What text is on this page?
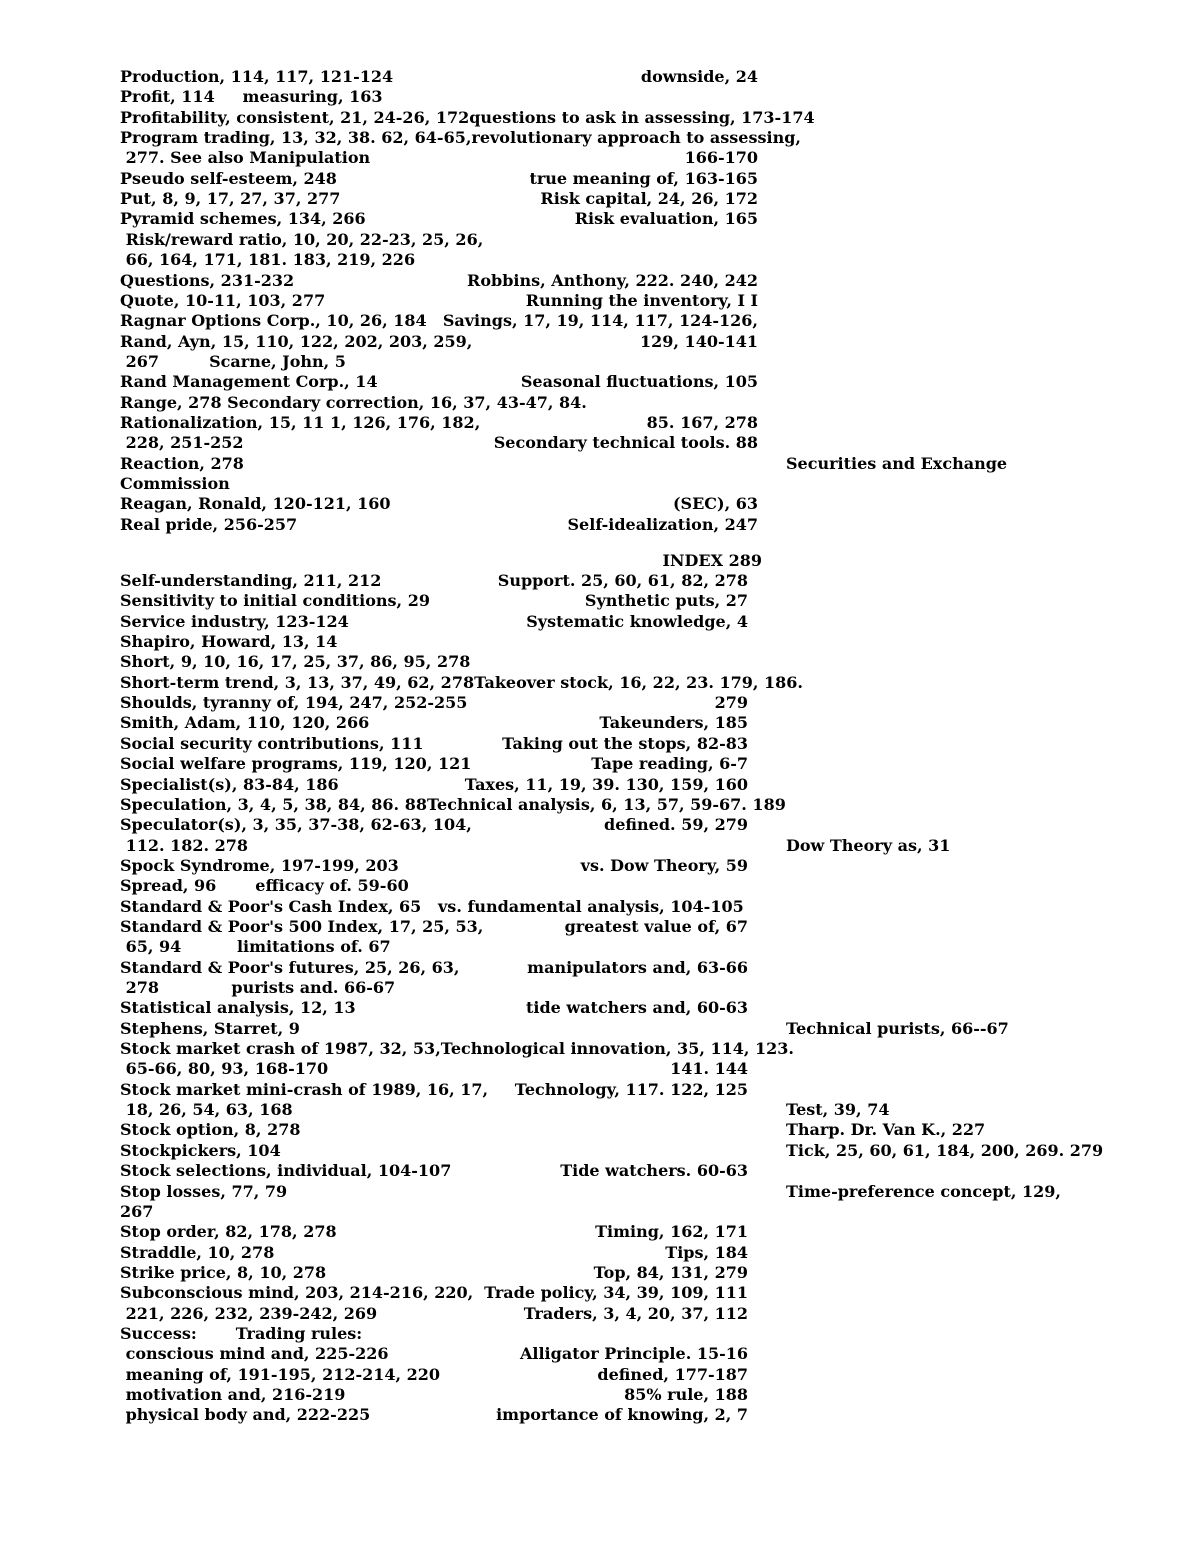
INDEX 289
Production, 114, 117, 121-124	downside, 24
Profit, 114     measuring, 163
Profitability, consistent, 21, 24-26, 172questions to ask in assessing, 173-174
Program trading, 13, 32, 38. 62, 64-65,revolutionary approach to assessing,
277. See also Manipulation	166-170
Pseudo self-esteem, 248	true meaning of, 163-165
Put, 8, 9, 17, 27, 37, 277	Risk capital, 24, 26, 172
Pyramid schemes, 134, 266	Risk evaluation, 165
Risk/reward ratio, 10, 20, 22-23, 25, 26,
66, 164, 171, 181. 183, 219, 226
Questions, 231-232	Robbins, Anthony, 222. 240, 242
Quote, 10-11, 103, 277	Running the inventory, I I
Ragnar Options Corp., 10, 26, 184 Savings, 17, 19, 114, 117, 124-126,
Rand, Ayn, 15, 110, 122, 202, 203, 259,	129, 140-141
267         Scarne, John, 5
Rand Management Corp., 14	Seasonal fluctuations, 105
Range, 278 Secondary correction, 16, 37, 43-47, 84.
Rationalization, 15, 11 1, 126, 176, 182,	85. 167, 278
228, 251-252	Secondary technical tools. 88
Reaction, 278	Securities and Exchange
Commission
Reagan, Ronald, 120-121, 160	(SEC), 63
Real pride, 256-257	Self-idealization, 247
Self-understanding, 211, 212	Support. 25, 60, 61, 82, 278
Sensitivity to initial conditions, 29	Synthetic puts, 27
Service industry, 123-124	Systematic knowledge, 4
Shapiro, Howard, 13, 14
Short, 9, 10, 16, 17, 25, 37, 86, 95, 278
Short-term trend, 3, 13, 37, 49, 62, 278Takeover stock, 16, 22, 23. 179, 186.
Shoulds, tyranny of, 194, 247, 252-255	279
Smith, Adam, 110, 120, 266	Takeunders, 185
Social security contributions, 111	Taking out the stops, 82-83
Social welfare programs, 119, 120, 121	Tape reading, 6-7
Specialist(s), 83-84, 186	Taxes, 11, 19, 39. 130, 159, 160
Speculation, 3, 4, 5, 38, 84, 86. 88Technical analysis, 6, 13, 57, 59-67. 189
Speculator(s), 3, 35, 37-38, 62-63, 104,	defined. 59, 279
112. 182. 278	Dow Theory as, 31
Spock Syndrome, 197-199, 203	vs. Dow Theory, 59
Spread, 96       efficacy of. 59-60
Standard & Poor's Cash Index, 65   vs. fundamental analysis, 104-105
Standard & Poor's 500 Index, 17, 25, 53,	greatest value of, 67
65, 94          limitations of. 67
Standard & Poor's futures, 25, 26, 63,	manipulators and, 63-66
278             purists and. 66-67
Statistical analysis, 12, 13	tide watchers and, 60-63
Stephens, Starret, 9	Technical purists, 66--67
Stock market crash of 1987, 32, 53,Technological innovation, 35, 114, 123.
65-66, 80, 93, 168-170	141. 144
Stock market mini-crash of 1989, 16, 17, Technology, 117. 122, 125
18, 26, 54, 63, 168	Test, 39, 74
Stock option, 8, 278	Tharp. Dr. Van K., 227
Stockpickers, 104	Tick, 25, 60, 61, 184, 200, 269. 279
Stock selections, individual, 104-107	Tide watchers. 60-63
Stop losses, 77, 79	Time-preference concept, 129,
267
Stop order, 82, 178, 278	Timing, 162, 171
Straddle, 10, 278	Tips, 184
Strike price, 8, 10, 278	Top, 84, 131, 279
Subconscious mind, 203, 214-216, 220, Trade policy, 34, 39, 109, 111
221, 226, 232, 239-242, 269	Traders, 3, 4, 20, 37, 112
Success:       Trading rules:
conscious mind and, 225-226	Alligator Principle. 15-16
meaning of, 191-195, 212-214, 220	defined, 177-187
motivation and, 216-219	85% rule, 188
physical body and, 222-225	importance of knowing, 2, 7
